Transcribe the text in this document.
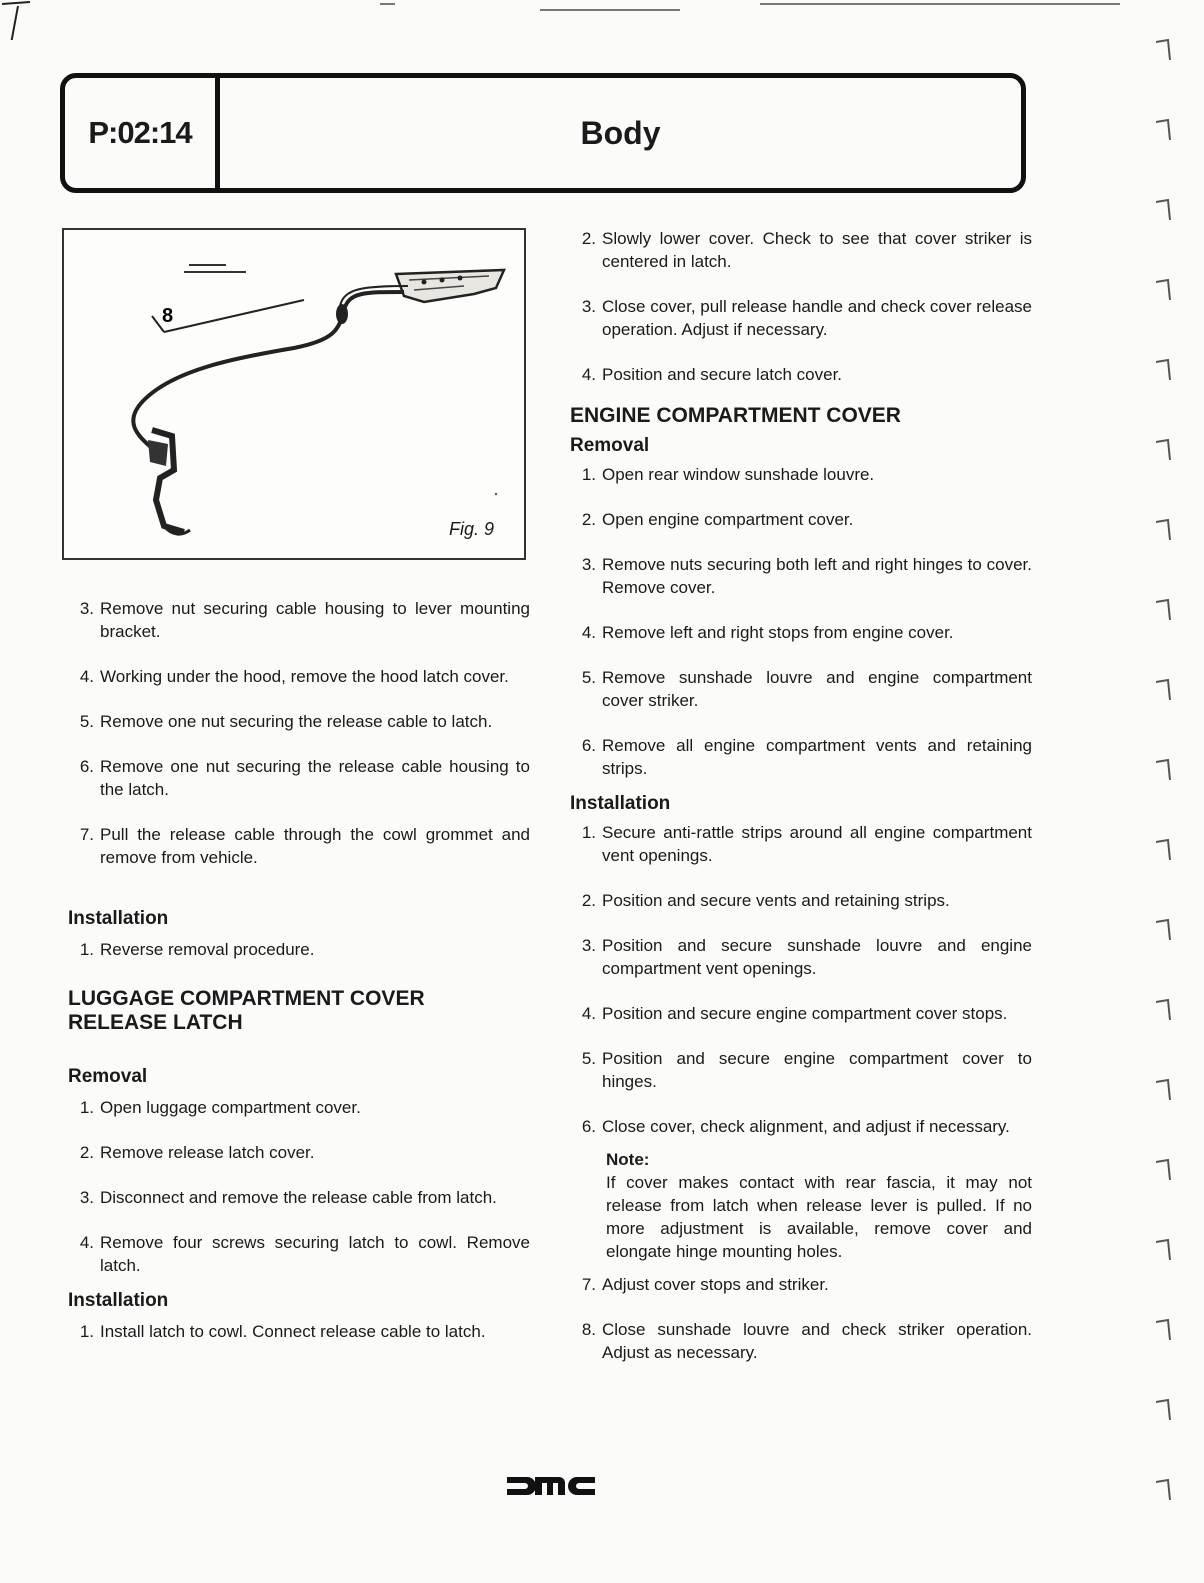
P:02:14	Body
8
Fig. 9
3. Remove nut securing cable housing to lever mounting bracket.
4. Working under the hood, remove the hood latch cover.
5. Remove one nut securing the release cable to latch.
6. Remove one nut securing the release cable housing to the latch.
7. Pull the release cable through the cowl grommet and remove from vehicle.
Installation
1. Reverse removal procedure.
LUGGAGE COMPARTMENT COVER
RELEASE LATCH
Removal
1. Open luggage compartment cover.
2. Remove release latch cover.
3. Disconnect and remove the release cable from latch.
4. Remove four screws securing latch to cowl. Remove latch.
Installation
1. Install latch to cowl. Connect release cable to latch.
2. Slowly lower cover. Check to see that cover striker is centered in latch.
3. Close cover, pull release handle and check cover release operation. Adjust if necessary.
4. Position and secure latch cover.
ENGINE COMPARTMENT COVER
Removal
1. Open rear window sunshade louvre.
2. Open engine compartment cover.
3. Remove nuts securing both left and right hinges to cover. Remove cover.
4. Remove left and right stops from engine cover.
5. Remove sunshade louvre and engine compartment cover striker.
6. Remove all engine compartment vents and retaining strips.
Installation
1. Secure anti-rattle strips around all engine compartment vent openings.
2. Position and secure vents and retaining strips.
3. Position and secure sunshade louvre and engine compartment vent openings.
4. Position and secure engine compartment cover stops.
5. Position and secure engine compartment cover to hinges.
6. Close cover, check alignment, and adjust if necessary.
Note:
If cover makes contact with rear fascia, it may not release from latch when release lever is pulled. If no more adjustment is available, remove cover and elongate hinge mounting holes.
7. Adjust cover stops and striker.
8. Close sunshade louvre and check striker operation. Adjust as necessary.
